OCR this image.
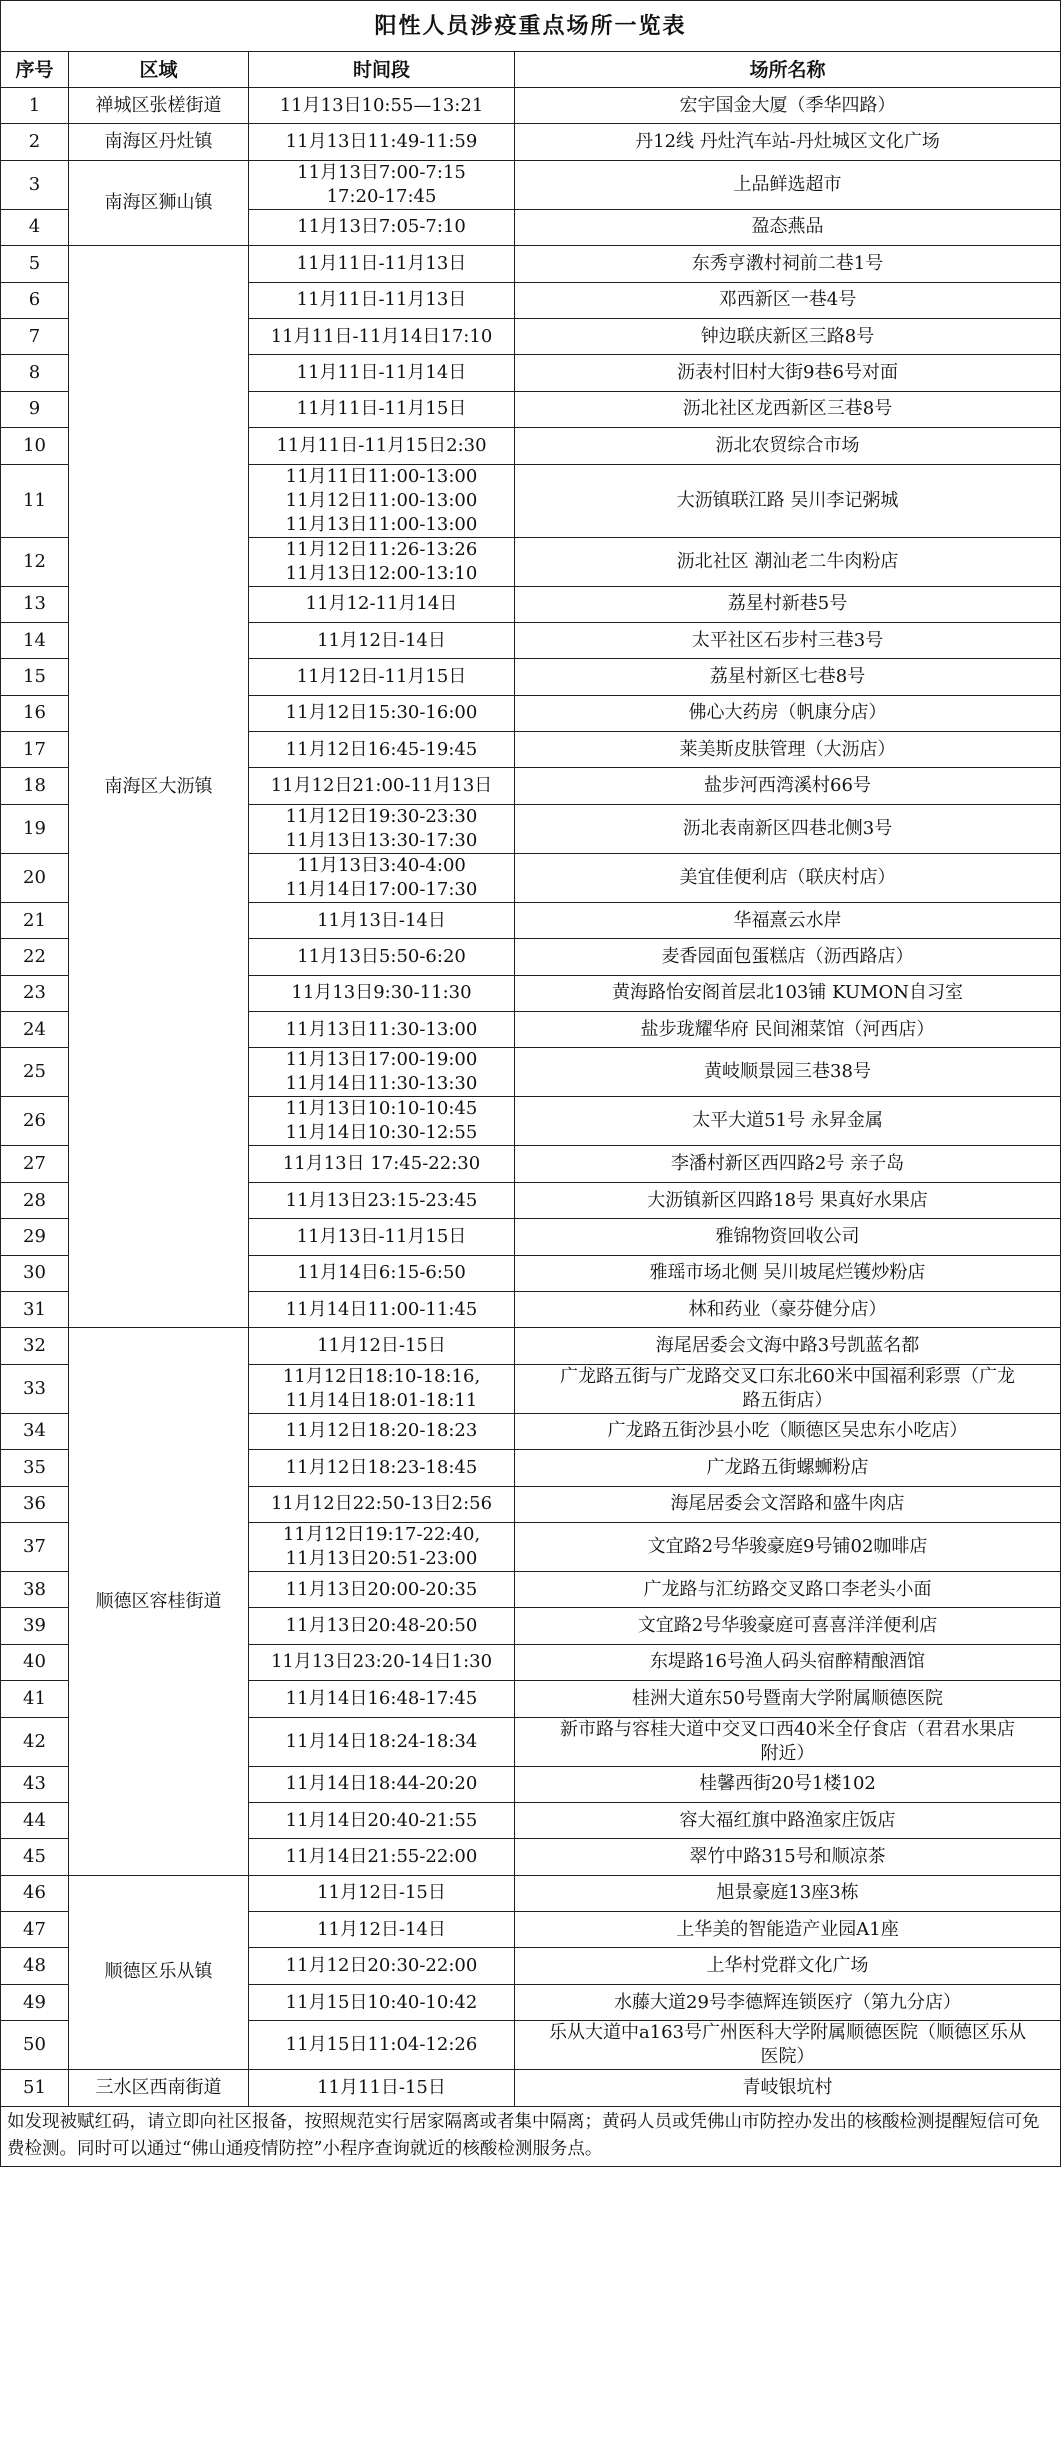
阳性人员涉疫重点场所一览表			
序号	区域	时间段	场所名称
1	禅城区张槎街道	11月13日10:55—13:21	宏宇国金大厦（季华四路）

2	南海区丹灶镇	11月13日11:49-11:59	丹12线 丹灶汽车站-丹灶城区文化广场

3	南海区狮山镇	11月13日7:00-7:15
17:20-17:45	上品鲜选超市

4		11月13日7:05-7:10	盈态燕品

5	南海区大沥镇	11月11日-11月13日	东秀亨漖村祠前二巷1号

6		11月11日-11月13日	邓西新区一巷4号

7		11月11日-11月14日17:10	钟边联庆新区三路8号

8		11月11日-11月14日	沥表村旧村大街9巷6号对面

9		11月11日-11月15日	沥北社区龙西新区三巷8号

10		11月11日-11月15日2:30	沥北农贸综合市场

11		11月11日11:00-13:00
11月12日11:00-13:00
11月13日11:00-13:00	大沥镇联江路 吴川李记粥城

12		11月12日11:26-13:26
11月13日12:00-13:10	沥北社区 潮汕老二牛肉粉店

13		11月12-11月14日	荔星村新巷5号

14		11月12日-14日	太平社区石步村三巷3号

15		11月12日-11月15日	荔星村新区七巷8号

16		11月12日15:30-16:00	佛心大药房（帆康分店）

17		11月12日16:45-19:45	莱美斯皮肤管理（大沥店）

18		11月12日21:00-11月13日	盐步河西湾溪村66号

19		11月12日19:30-23:30
11月13日13:30-17:30	沥北表南新区四巷北侧3号

20		11月13日3:40-4:00
11月14日17:00-17:30	美宜佳便利店（联庆村店）

21		11月13日-14日	华福熹云水岸

22		11月13日5:50-6:20	麦香园面包蛋糕店（沥西路店）

23		11月13日9:30-11:30	黄海路怡安阁首层北103铺 KUMON自习室

24		11月13日11:30-13:00	盐步珑耀华府 民间湘菜馆（河西店）

25		11月13日17:00-19:00
11月14日11:30-13:30	黄岐顺景园三巷38号

26		11月13日10:10-10:45
11月14日10:30-12:55	太平大道51号 永昇金属

27		11月13日 17:45-22:30	李潘村新区西四路2号 亲子岛

28		11月13日23:15-23:45	大沥镇新区四路18号 果真好水果店

29		11月13日-11月15日	雅锦物资回收公司

30		11月14日6:15-6:50	雅瑶市场北侧 吴川坡尾烂镬炒粉店

31		11月14日11:00-11:45	林和药业（豪芬健分店）

32	顺德区容桂街道	11月12日-15日	海尾居委会文海中路3号凯蓝名都

33		11月12日18:10-18:16,
11月14日18:01-18:11	广龙路五街与广龙路交叉口东北60米中国福利彩票（广龙
路五街店）

34		11月12日18:20-18:23	广龙路五街沙县小吃（顺德区吴忠东小吃店）

35		11月12日18:23-18:45	广龙路五街螺蛳粉店

36		11月12日22:50-13日2:56	海尾居委会文滘路和盛牛肉店

37		11月12日19:17-22:40,
11月13日20:51-23:00	文宜路2号华骏豪庭9号铺02咖啡店

38		11月13日20:00-20:35	广龙路与汇纺路交叉路口李老头小面

39		11月13日20:48-20:50	文宜路2号华骏豪庭可喜喜洋洋便利店

40		11月13日23:20-14日1:30	东堤路16号渔人码头宿醉精酿酒馆

41		11月14日16:48-17:45	桂洲大道东50号暨南大学附属顺德医院

42		11月14日18:24-18:34	新市路与容桂大道中交叉口西40米全仔食店（君君水果店
附近）

43		11月14日18:44-20:20	桂馨西街20号1楼102

44		11月14日20:40-21:55	容大福红旗中路渔家庄饭店

45		11月14日21:55-22:00	翠竹中路315号和顺凉茶

46	顺德区乐从镇	11月12日-15日	旭景豪庭13座3栋

47		11月12日-14日	上华美的智能造产业园A1座

48		11月12日20:30-22:00	上华村党群文化广场

49		11月15日10:40-10:42	水藤大道29号李德辉连锁医疗（第九分店）

50		11月15日11:04-12:26	乐从大道中a163号广州医科大学附属顺德医院（顺德区乐从
医院）

51	三水区西南街道	11月11日-15日	青岐银坑村

如发现被赋红码，请立即向社区报备，按照规范实行居家隔离或者集中隔离；黄码人员或凭佛山市防控办发出的核酸检测提醒短信可免费检测。同时可以通过“佛山通疫情防控”小程序查询就近的核酸检测服务点。			
